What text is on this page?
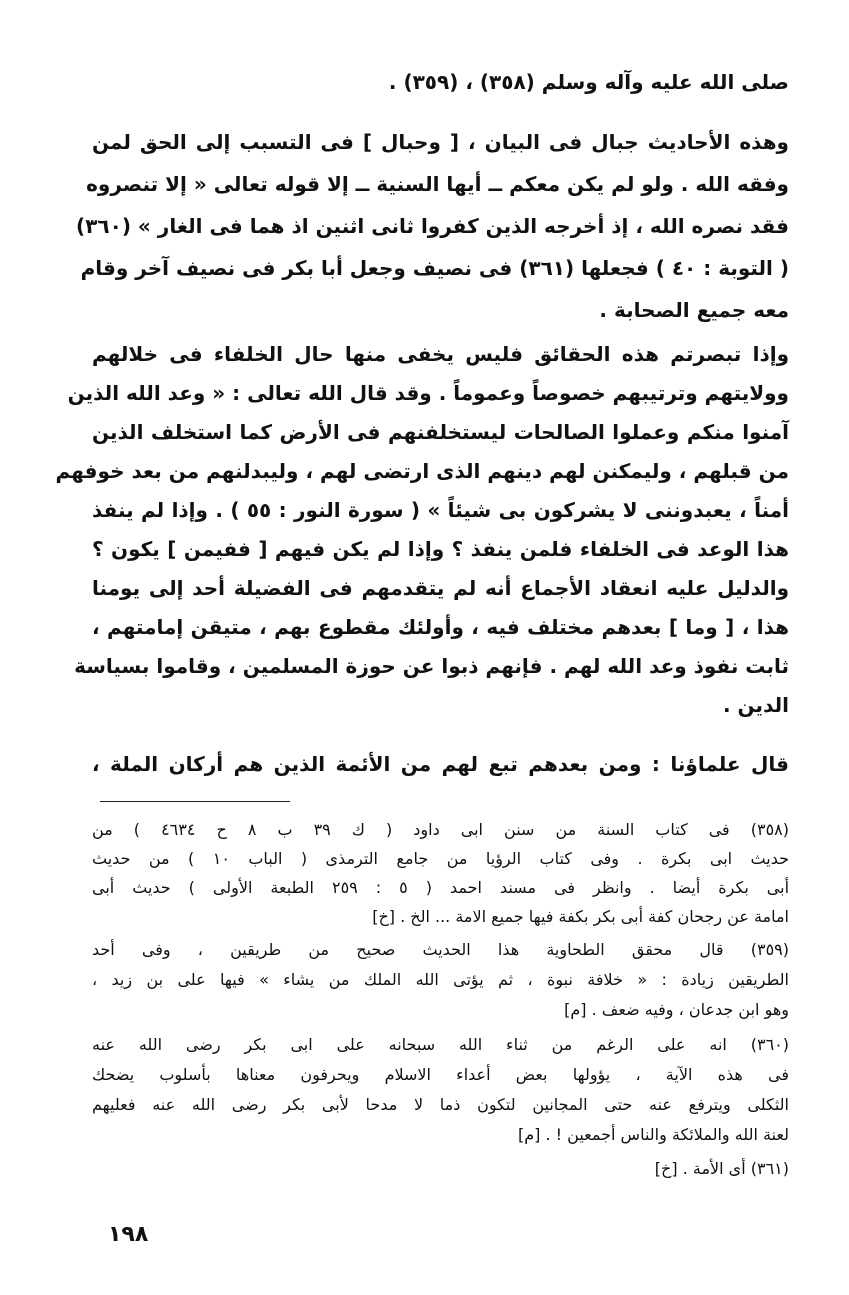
صلى الله عليه وآله وسلم (٣٥٨) ، (٣٥٩) .
وهذه الأحاديث جبال فى البيان ، [ وحبال ] فى التسبب إلى الحق لمن
وفقه الله . ولو لم يكن معكم ــ أيها السنية ــ إلا قوله تعالى « إلا تنصروه
فقد نصره الله ، إذ أخرجه الذين كفروا ثانى اثنين اذ هما فى الغار » (٣٦٠)
( التوبة : ٤٠ ) فجعلها (٣٦١) فى نصيف وجعل أبا بكر فى نصيف آخر وقام
معه جميع الصحابة .
وإذا تبصرتم هذه الحقائق فليس يخفى منها حال الخلفاء فى خلالهم
وولايتهم وترتيبهم خصوصاً وعموماً . وقد قال الله تعالى : « وعد الله الذين
آمنوا منكم وعملوا الصالحات ليستخلفنهم فى الأرض كما استخلف الذين
من قبلهم ، وليمكنن لهم دينهم الذى ارتضى لهم ، وليبدلنهم من بعد خوفهم
أمناً ، يعبدوننى لا يشركون بى شيئاً » ( سورة النور : ٥٥ ) . وإذا لم ينفذ
هذا الوعد فى الخلفاء فلمن ينفذ ؟ وإذا لم يكن فيهم [ ففيمن ] يكون ؟
والدليل عليه انعقاد الأجماع أنه لم يتقدمهم فى الفضيلة أحد إلى يومنا
هذا ، [ وما ] بعدهم مختلف فيه ، وأولئك مقطوع بهم ، متيقن إمامتهم ،
ثابت نفوذ وعد الله لهم . فإنهم ذبوا عن حوزة المسلمين ، وقاموا بسياسة
الدين .
قال علماؤنا : ومن بعدهم تبع لهم من الأئمة الذين هم أركان الملة ،
(٣٥٨) فى كتاب السنة من سنن ابى داود ( ك ٣٩ ب ٨ ح ٤٦٣٤ ) من
حديث ابى بكرة . وفى كتاب الرؤيا من جامع الترمذى ( الباب ١٠ ) من حديث
أبى بكرة أيضا . وانظر فى مسند احمد ( ٥ : ٢٥٩ الطبعة الأولى ) حديث أبى
امامة عن رجحان كفة أبى بكر بكفة فيها جميع الامة ... الخ . [خ]
(٣٥٩) قال محقق الطحاوية هذا الحديث صحيح من طريقين ، وفى أحد
الطريقين زيادة : « خلافة نبوة ، ثم يؤتى الله الملك من يشاء » فيها على بن زيد ،
وهو ابن جدعان ، وفيه ضعف . [م]
(٣٦٠) انه على الرغم من ثناء الله سبحانه على ابى بكر رضى الله عنه
فى هذه الآية ، يؤولها بعض أعداء الاسلام ويحرفون معناها بأسلوب يضحك
الثكلى ويترفع عنه حتى المجانين لتكون ذما لا مدحا لأبى بكر رضى الله عنه فعليهم
لعنة الله والملائكة والناس أجمعين ! . [م]
(٣٦١) أى الأمة . [خ]
١٩٨
